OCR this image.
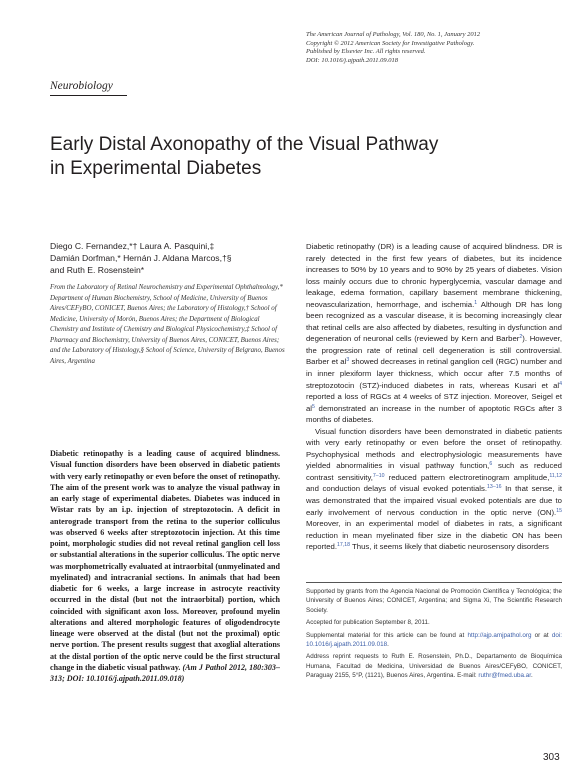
The American Journal of Pathology, Vol. 180, No. 1, January 2012
Copyright © 2012 American Society for Investigative Pathology.
Published by Elsevier Inc. All rights reserved.
DOI: 10.1016/j.ajpath.2011.09.018
Neurobiology
Early Distal Axonopathy of the Visual Pathway in Experimental Diabetes
Diego C. Fernandez,*† Laura A. Pasquini,‡
Damián Dorfman,* Hernán J. Aldana Marcos,†§
and Ruth E. Rosenstein*
From the Laboratory of Retinal Neurochemistry and Experimental Ophthalmology,* Department of Human Biochemistry, School of Medicine, University of Buenos Aires/CEFyBO, CONICET, Buenos Aires; the Laboratory of Histology,† School of Medicine, University of Morón, Buenos Aires; the Department of Biological Chemistry and Institute of Chemistry and Biological Physicochemistry,‡ School of Pharmacy and Biochemistry, University of Buenos Aires, CONICET, Buenos Aires; and the Laboratory of Histology,§ School of Science, University of Belgrano, Buenos Aires, Argentina
Diabetic retinopathy is a leading cause of acquired blindness. Visual function disorders have been observed in diabetic patients with very early retinopathy or even before the onset of retinopathy. The aim of the present work was to analyze the visual pathway in an early stage of experimental diabetes. Diabetes was induced in Wistar rats by an i.p. injection of streptozotocin. A deficit in anterograde transport from the retina to the superior colliculus was observed 6 weeks after streptozotocin injection. At this time point, morphologic studies did not reveal retinal ganglion cell loss or substantial alterations in the superior colliculus. The optic nerve was morphometrically evaluated at intraorbital (unmyelinated and myelinated) and intracranial sections. In animals that had been diabetic for 6 weeks, a large increase in astrocyte reactivity occurred in the distal (but not the intraorbital) portion, which coincided with significant axon loss. Moreover, profound myelin alterations and altered morphologic features of oligodendrocyte lineage were observed at the distal (but not the proximal) optic nerve portion. The present results suggest that axoglial alterations at the distal portion of the optic nerve could be the first structural change in the diabetic visual pathway. (Am J Pathol 2012, 180:303–313; DOI: 10.1016/j.ajpath.2011.09.018)

Diabetic retinopathy (DR) is a leading cause of acquired blindness. DR is rarely detected in the first few years of diabetes, but its incidence increases to 50% by 10 years and to 90% by 25 years of diabetes. Vision loss mainly occurs due to chronic hyperglycemia, vascular damage and leakage, edema formation, capillary basement membrane thickening, neovascularization, hemorrhage, and ischemia.$^1$ Although DR has long been recognized as a vascular disease, it is becoming increasingly clear that retinal cells are also affected by diabetes, resulting in dysfunction and degeneration of neuronal cells (reviewed by Kern and Barber$^2$). However, the progression rate of retinal cell degeneration is still controversial. Barber et $al^3$ showed decreases in retinal ganglion cell (RGC) number and in inner plexiform layer thickness, which occur after 7.5 months of streptozotocin (STZ)-induced diabetes in rats, whereas Kusari et $al^4$ reported a loss of RGCs at 4 weeks of STZ injection. Moreover, Seigel et $al^5$ demonstrated an increase in the number of apoptotic RGCs after 3 months of diabetes.

Visual function disorders have been demonstrated in diabetic patients with very early retinopathy or even before the onset of retinopathy. Psychophysical methods and electrophysiologic measurements have yielded abnormalities in visual pathway function,$^6$ such as reduced contrast sensitivity,$^{7-10}$ reduced pattern electroretinogram amplitude,$^{11,12}$ and conduction delays of visual evoked potentials.$^{13-16}$ In that sense, it was demonstrated that the impaired visual evoked potentials are due to early involvement of nervous conduction in the optic nerve (ON).$^{15}$ Moreover, in an experimental model of diabetes in rats, a significant reduction in mean myelinated fiber size in the diabetic ON has been reported.$^{17,18}$ Thus, it seems likely that diabetic neurosensory disorders

Supported by grants from the Agencia Nacional de Promoción Científica y Tecnológica; the University of Buenos Aires; CONICET, Argentina; and Sigma Xi, The Scientific Research Society.

Accepted for publication September 8, 2011.

Supplemental material for this article can be found at http://ajp.amjpathol.org or at doi: 10.1016/j.ajpath.2011.09.018.

Address reprint requests to Ruth E. Rosenstein, Ph.D., Departamento de Bioquímica Humana, Facultad de Medicina, Universidad de Buenos Aires/CEFyBO, CONICET, Paraguay 2155, 5°P, (1121), Buenos Aires, Argentina. E-mail: ruthr@fmed.uba.ar.

303
